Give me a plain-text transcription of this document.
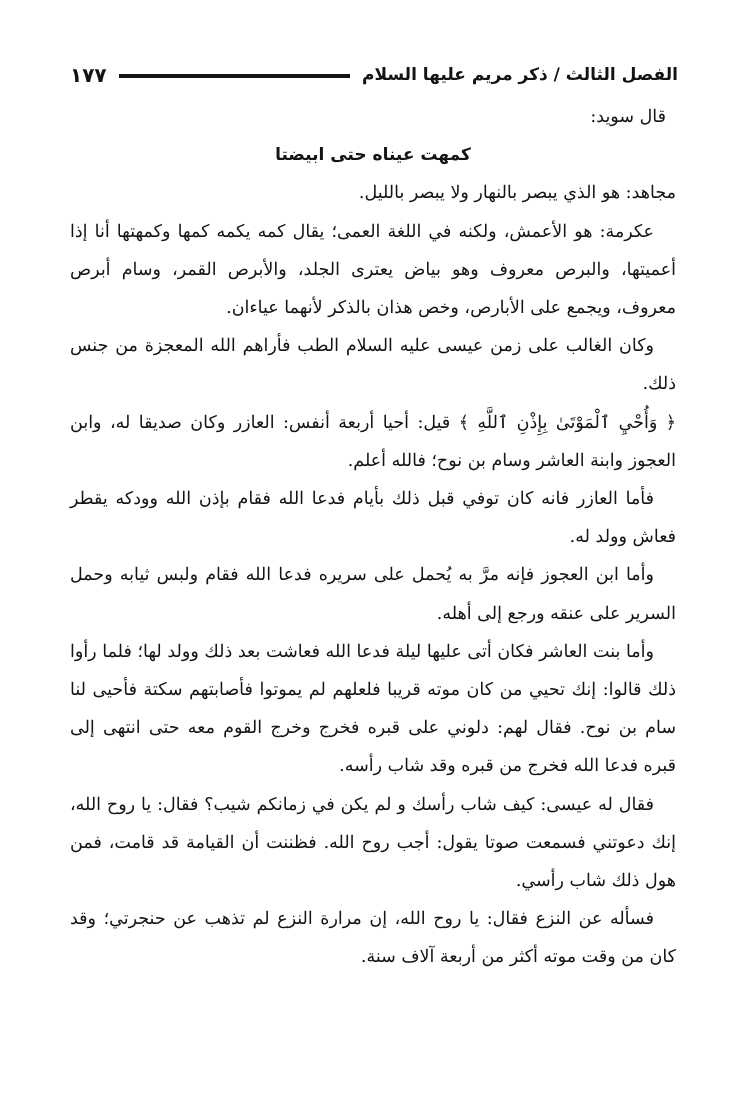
الفصل الثالث / ذكر مريم عليها السلام
١٧٧

قال سويد:

كمهت عيناه حتى ابيضتا

مجاهد: هو الذي يبصر بالنهار ولا يبصر بالليل.

عكرمة: هو الأعمش، ولكنه في اللغة العمى؛ يقال كمه يكمه كمها وكمهتها أنا إذا أعميتها، والبرص معروف وهو بياض يعترى الجلد، والأبرص القمر، وسام أبرص معروف، ويجمع على الأبارص، وخص هذان بالذكر لأنهما عياءان.

وكان الغالب على زمن عيسى عليه السلام الطب فأراهم الله المعجزة من جنس ذلك.

﴿ وَأُحْيِ ٱلْمَوْتَىٰ بِإِذْنِ ٱللَّهِ ﴾ قيل: أحيا أربعة أنفس: العازر وكان صديقا له، وابن العجوز وابنة العاشر وسام بن نوح؛ فالله أعلم.

فأما العازر فانه كان توفي قبل ذلك بأيام فدعا الله فقام بإذن الله وودكه يقطر فعاش وولد له.

وأما ابن العجوز فإنه مرَّ به يُحمل على سريره فدعا الله فقام ولبس ثيابه وحمل السرير على عنقه ورجع إلى أهله.

وأما بنت العاشر فكان أتى عليها ليلة فدعا الله فعاشت بعد ذلك وولد لها؛ فلما رأوا ذلك قالوا: إنك تحيي من كان موته قريبا فلعلهم لم يموتوا فأصابتهم سكتة فأحيى لنا سام بن نوح. فقال لهم: دلوني على قبره فخرج وخرج القوم معه حتى انتهى إلى قبره فدعا الله فخرج من قبره وقد شاب رأسه.

فقال له عيسى: كيف شاب رأسك و لم يكن في زمانكم شيب؟ فقال: يا روح الله، إنك دعوتني فسمعت صوتا يقول: أجب روح الله. فظننت أن القيامة قد قامت، فمن هول ذلك شاب رأسي.

فسأله عن النزع فقال: يا روح الله، إن مرارة النزع لم تذهب عن حنجرتي؛ وقد كان من وقت موته أكثر من أربعة آلاف سنة.
